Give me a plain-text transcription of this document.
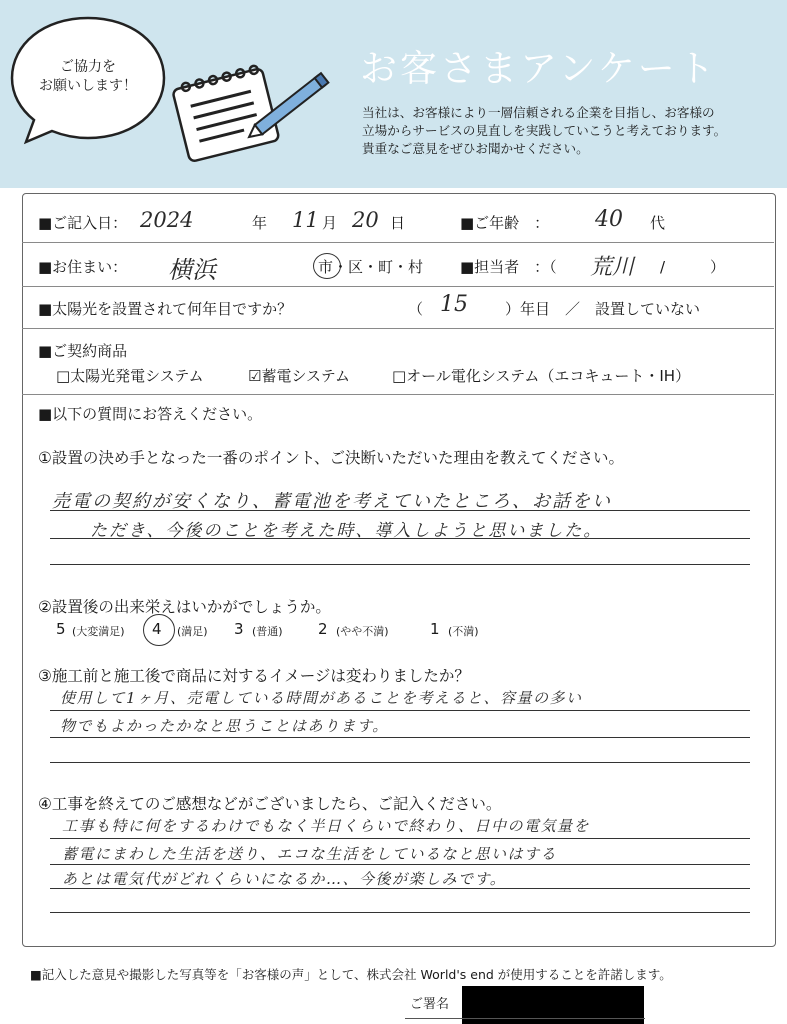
ご協力を
お願いします！	お客さまアンケート
当社は、お客様により一層信頼される企業を目指し、お客様の
立場からサービスの見直しを実践していこうと考えております。
貴重なご意見をぜひお聞かせください。
■ご記入日： 2024	年 11 月 20 日	■ご年齢　： 40 代
■お住まい： 横浜	市・区・町・村 ■担当者　：（ 荒川 /　　　）
■太陽光を設置されて何年目ですか？	（ 15 ）年目　／　設置していない
■ご契約商品
□太陽光発電システム	☑蓄電システム	□オール電化システム（エコキュート・IH）
■以下の質問にお答えください。
①設置の決め手となった一番のポイント、ご決断いただいた理由を教えてください。
売電の契約が安くなり、蓄電池を考えていたところ、お話をい
ただき、今後のことを考えた時、導入しようと思いました。
②設置後の出来栄えはいかがでしょうか。
5 (大変満足) 4 (満足) 3 (普通) 2 (やや不満)	1 (不満)
③施工前と施工後で商品に対するイメージは変わりましたか？
使用して1ヶ月、売電している時間があることを考えると、容量の多い
物でもよかったかなと思うことはあります。
④工事を終えてのご感想などがございましたら、ご記入ください。
工事も特に何をするわけでもなく半日くらいで終わり、日中の電気量を
蓄電にまわした生活を送り、エコな生活をしているなと思いはする
あとは電気代がどれくらいになるか…、今後が楽しみです。
■記入した意見や撮影した写真等を「お客様の声」として、株式会社 World's end が使用することを許諾します。
ご署名
